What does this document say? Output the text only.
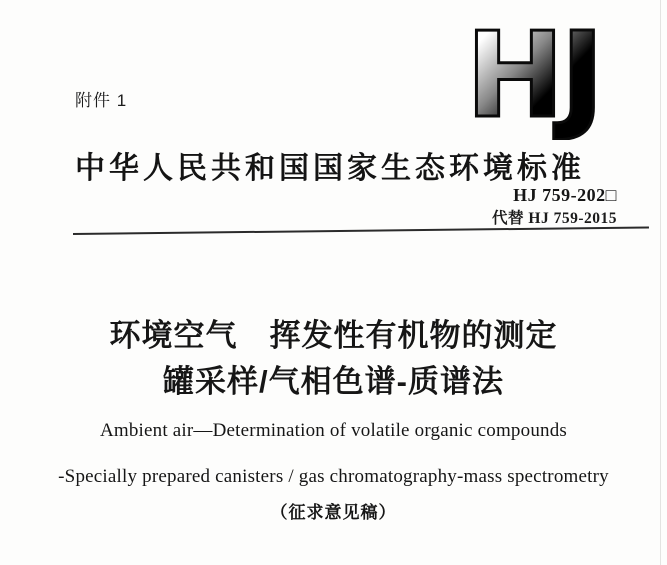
附件 1	HJ
中华人民共和国国家生态环境标准
HJ 759-202□
代替 HJ 759-2015
环境空气　挥发性有机物的测定
罐采样/气相色谱-质谱法
Ambient air—Determination of volatile organic compounds
-Specially prepared canisters / gas chromatography-mass spectrometry
（征求意见稿）
